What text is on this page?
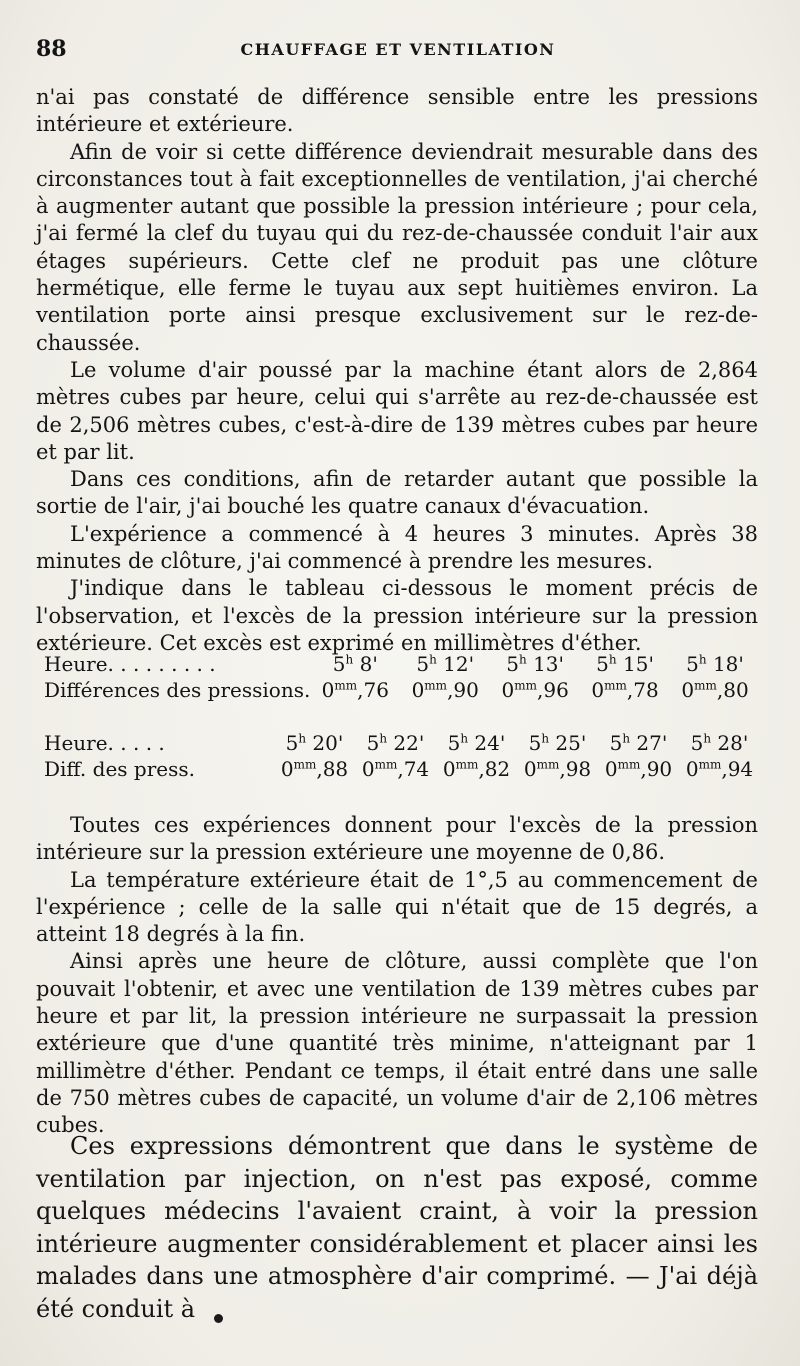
88	CHAUFFAGE ET VENTILATION

n'ai pas constaté de différence sensible entre les pressions intérieure et extérieure.

Afin de voir si cette différence deviendrait mesurable dans des circonstances tout à fait exceptionnelles de ventilation, j'ai cherché à augmenter autant que possible la pression intérieure ; pour cela, j'ai fermé la clef du tuyau qui du rez-de-chaussée conduit l'air aux étages supérieurs. Cette clef ne produit pas une clôture hermétique, elle ferme le tuyau aux sept huitièmes environ. La ventilation porte ainsi presque exclusivement sur le rez-de-chaussée.

Le volume d'air poussé par la machine étant alors de 2,864 mètres cubes par heure, celui qui s'arrête au rez-de-chaussée est de 2,506 mètres cubes, c'est-à-dire de 139 mètres cubes par heure et par lit.

Dans ces conditions, afin de retarder autant que possible la sortie de l'air, j'ai bouché les quatre canaux d'évacuation.

L'expérience a commencé à 4 heures 3 minutes. Après 38 minutes de clôture, j'ai commencé à prendre les mesures.

J'indique dans le tableau ci-dessous le moment précis de l'observation, et l'excès de la pression intérieure sur la pression extérieure. Cet excès est exprimé en millimètres d'éther.

Heure. . . . . . . . .	5$^h$ 8'	5$^h$ 12'	5$^h$ 13'	5$^h$ 15'	5$^h$ 18'
Différences des pressions.	$0^{mm},76$	$0^{mm},90$	$0^{mm},96$	$0^{mm},78$	$0^{mm},80$
Heure. . . . .	5$^h$ 20'	5$^h$ 22'	5$^h$ 24'	5$^h$ 25'	5$^h$ 27'	5$^h$ 28'
Diff. des press.	$0^{mm},88$	$0^{mm},74$	$0^{mm},82$	$0^{mm},98$	$0^{mm},90$	$0^{mm},94$

Toutes ces expériences donnent pour l'excès de la pression intérieure sur la pression extérieure une moyenne de 0,86.

La température extérieure était de 1°,5 au commencement de l'expérience ; celle de la salle qui n'était que de 15 degrés, a atteint 18 degrés à la fin.

Ainsi après une heure de clôture, aussi complète que l'on pouvait l'obtenir, et avec une ventilation de 139 mètres cubes par heure et par lit, la pression intérieure ne surpassait la pression extérieure que d'une quantité très minime, n'atteignant par 1 millimètre d'éther. Pendant ce temps, il était entré dans une salle de 750 mètres cubes de capacité, un volume d'air de 2,106 mètres cubes.

Ces expressions démontrent que dans le système de ventilation par injection, on n'est pas exposé, comme quelques médecins l'avaient craint, à voir la pression intérieure augmenter considérablement et placer ainsi les malades dans une atmosphère d'air comprimé. — J'ai déjà été conduit à
